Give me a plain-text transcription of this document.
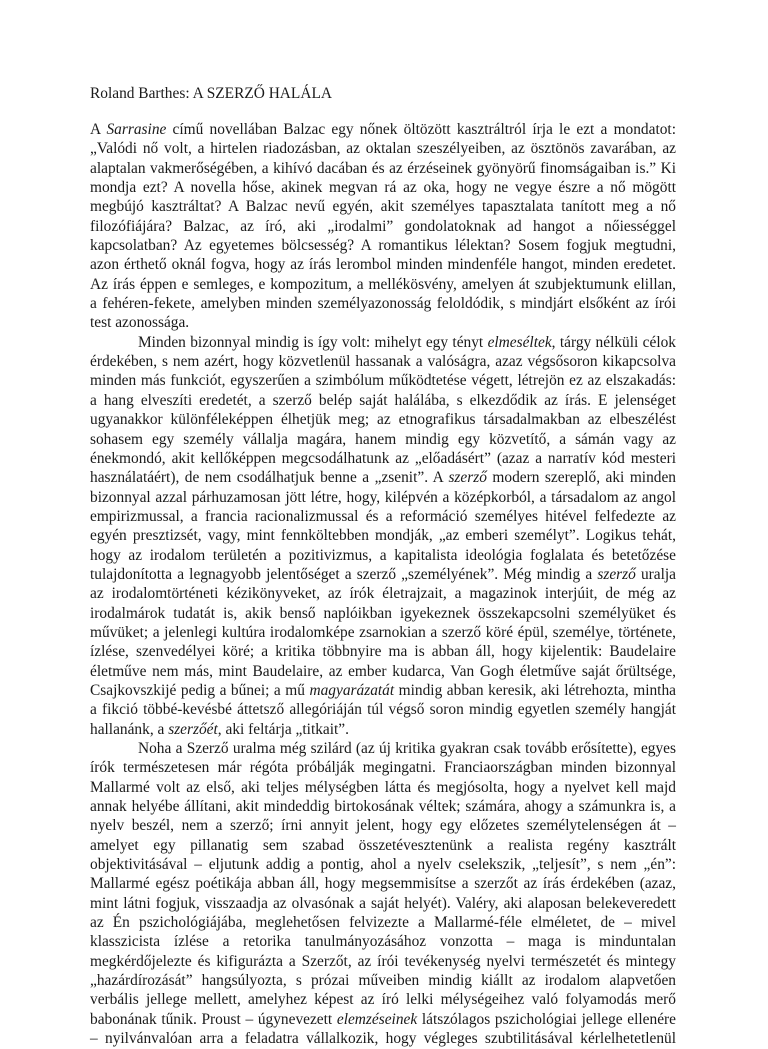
Roland Barthes: A SZERZŐ HALÁLA
A Sarrasine című novellában Balzac egy nőnek öltözött kasztráltról írja le ezt a mondatot:
„Valódi nő volt, a hirtelen riadozásban, az oktalan szeszélyeiben, az ösztönös zavarában, az
alaptalan vakmerőségében, a kihívó dacában és az érzéseinek gyönyörű finomságaiban is.” Ki
mondja ezt? A novella hőse, akinek megvan rá az oka, hogy ne vegye észre a nő mögött
megbújó kasztráltat? A Balzac nevű egyén, akit személyes tapasztalata tanított meg a nő
filozófiájára? Balzac, az író, aki „irodalmi” gondolatoknak ad hangot a nőiességgel
kapcsolatban? Az egyetemes bölcsesség? A romantikus lélektan? Sosem fogjuk megtudni,
azon érthető oknál fogva, hogy az írás lerombol minden mindenféle hangot, minden eredetet.
Az írás éppen e semleges, e kompozitum, a mellékösvény, amelyen át szubjektumunk elillan,
a fehéren-fekete, amelyben minden személyazonosság feloldódik, s mindjárt elsőként az írói
test azonossága.
Minden bizonnyal mindig is így volt: mihelyt egy tényt elmeséltek, tárgy nélküli célok
érdekében, s nem azért, hogy közvetlenül hassanak a valóságra, azaz végsősoron kikapcsolva
minden más funkciót, egyszerűen a szimbólum működtetése végett, létrejön ez az elszakadás:
a hang elveszíti eredetét, a szerző belép saját halálába, s elkezdődik az írás. E jelenséget
ugyanakkor különféleképpen élhetjük meg; az etnografikus társadalmakban az elbeszélést
sohasem egy személy vállalja magára, hanem mindig egy közvetítő, a sámán vagy az
énekmondó, akit kellőképpen megcsodálhatunk az „előadásért” (azaz a narratív kód mesteri
használatáért), de nem csodálhatjuk benne a „zsenit”. A szerző modern szereplő, aki minden
bizonnyal azzal párhuzamosan jött létre, hogy, kilépvén a középkorból, a társadalom az angol
empirizmussal, a francia racionalizmussal és a reformáció személyes hitével felfedezte az
egyén presztizsét, vagy, mint fennköltebben mondják, „az emberi személyt”. Logikus tehát,
hogy az irodalom területén a pozitivizmus, a kapitalista ideológia foglalata és betetőzése
tulajdonította a legnagyobb jelentőséget a szerző „személyének”. Még mindig a szerző uralja
az irodalomtörténeti kézikönyveket, az írók életrajzait, a magazinok interjúit, de még az
irodalmárok tudatát is, akik benső naplóikban igyekeznek összekapcsolni személyüket és
művüket; a jelenlegi kultúra irodalomképe zsarnokian a szerző köré épül, személye, története,
ízlése, szenvedélyei köré; a kritika többnyire ma is abban áll, hogy kijelentik: Baudelaire
életműve nem más, mint Baudelaire, az ember kudarca, Van Gogh életműve saját őrültsége,
Csajkovszkijé pedig a bűnei; a mű magyarázatát mindig abban keresik, aki létrehozta, mintha
a fikció többé-kevésbé áttetsző allegóriáján túl végső soron mindig egyetlen személy hangját
hallanánk, a szerzőét, aki feltárja „titkait”.
Noha a Szerző uralma még szilárd (az új kritika gyakran csak tovább erősítette), egyes
írók természetesen már régóta próbálják megingatni. Franciaországban minden bizonnyal
Mallarmé volt az első, aki teljes mélységben látta és megjósolta, hogy a nyelvet kell majd
annak helyébe állítani, akit mindeddig birtokosának véltek; számára, ahogy a számunkra is, a
nyelv beszél, nem a szerző; írni annyit jelent, hogy egy előzetes személytelenségen át –
amelyet egy pillanatig sem szabad összetévesztenünk a realista regény kasztrált
objektivitásával – eljutunk addig a pontig, ahol a nyelv cselekszik, „teljesít”, s nem „én”:
Mallarmé egész poétikája abban áll, hogy megsemmisítse a szerzőt az írás érdekében (azaz,
mint látni fogjuk, visszaadja az olvasónak a saját helyét). Valéry, aki alaposan belekeveredett
az Én pszichológiájába, meglehetősen felvizezte a Mallarmé-féle elméletet, de – mivel
klasszicista ízlése a retorika tanulmányozásához vonzotta – maga is minduntalan
megkérdőjelezte és kifigurázta a Szerzőt, az írói tevékenység nyelvi természetét és mintegy
„hazárdírozását” hangsúlyozta, s prózai műveiben mindig kiállt az irodalom alapvetően
verbális jellege mellett, amelyhez képest az író lelki mélységeihez való folyamodás merő
babonának tűnik. Proust – úgynevezett elemzéseinek látszólagos pszichológiai jellege ellenére
– nyilvánvalóan arra a feladatra vállalkozik, hogy végleges szubtilitásával kérlelhetetlenül
